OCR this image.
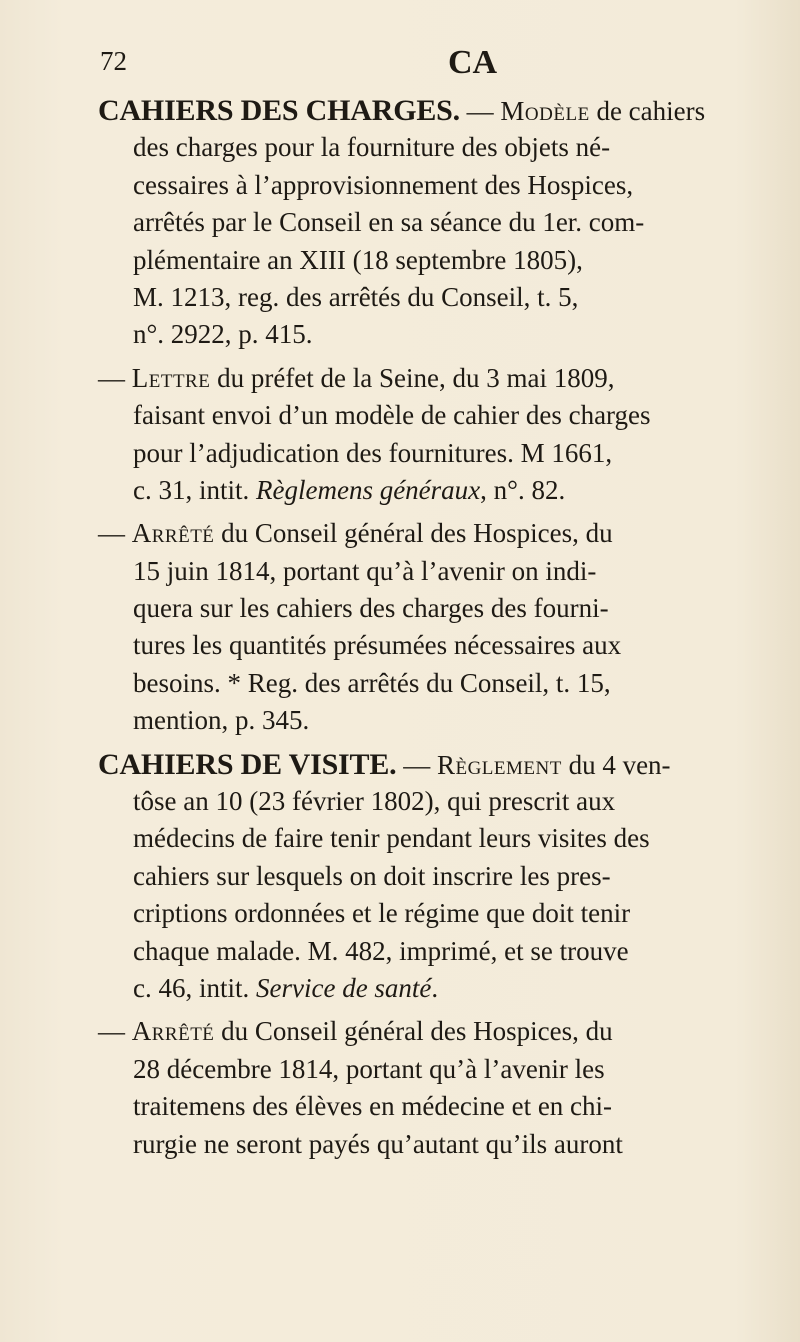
72	CA
CAHIERS DES CHARGES. — Modèle de cahiers
des charges pour la fourniture des objets né-
cessaires à l’approvisionnement des Hospices,
arrêtés par le Conseil en sa séance du 1er. com-
plémentaire an XIII (18 septembre 1805),
M. 1213, reg. des arrêtés du Conseil, t. 5,
n°. 2922, p. 415.
— Lettre du préfet de la Seine, du 3 mai 1809,
faisant envoi d’un modèle de cahier des charges
pour l’adjudication des fournitures. M 1661,
c. 31, intit. Règlemens généraux, n°. 82.
— Arrêté du Conseil général des Hospices, du
15 juin 1814, portant qu’à l’avenir on indi-
quera sur les cahiers des charges des fourni-
tures les quantités présumées nécessaires aux
besoins. * Reg. des arrêtés du Conseil, t. 15,
mention, p. 345.
CAHIERS DE VISITE. — Règlement du 4 ven-
tôse an 10 (23 février 1802), qui prescrit aux
médecins de faire tenir pendant leurs visites des
cahiers sur lesquels on doit inscrire les pres-
criptions ordonnées et le régime que doit tenir
chaque malade. M. 482, imprimé, et se trouve
c. 46, intit. Service de santé.
— Arrêté du Conseil général des Hospices, du
28 décembre 1814, portant qu’à l’avenir les
traitemens des élèves en médecine et en chi-
rurgie ne seront payés qu’autant qu’ils auront
